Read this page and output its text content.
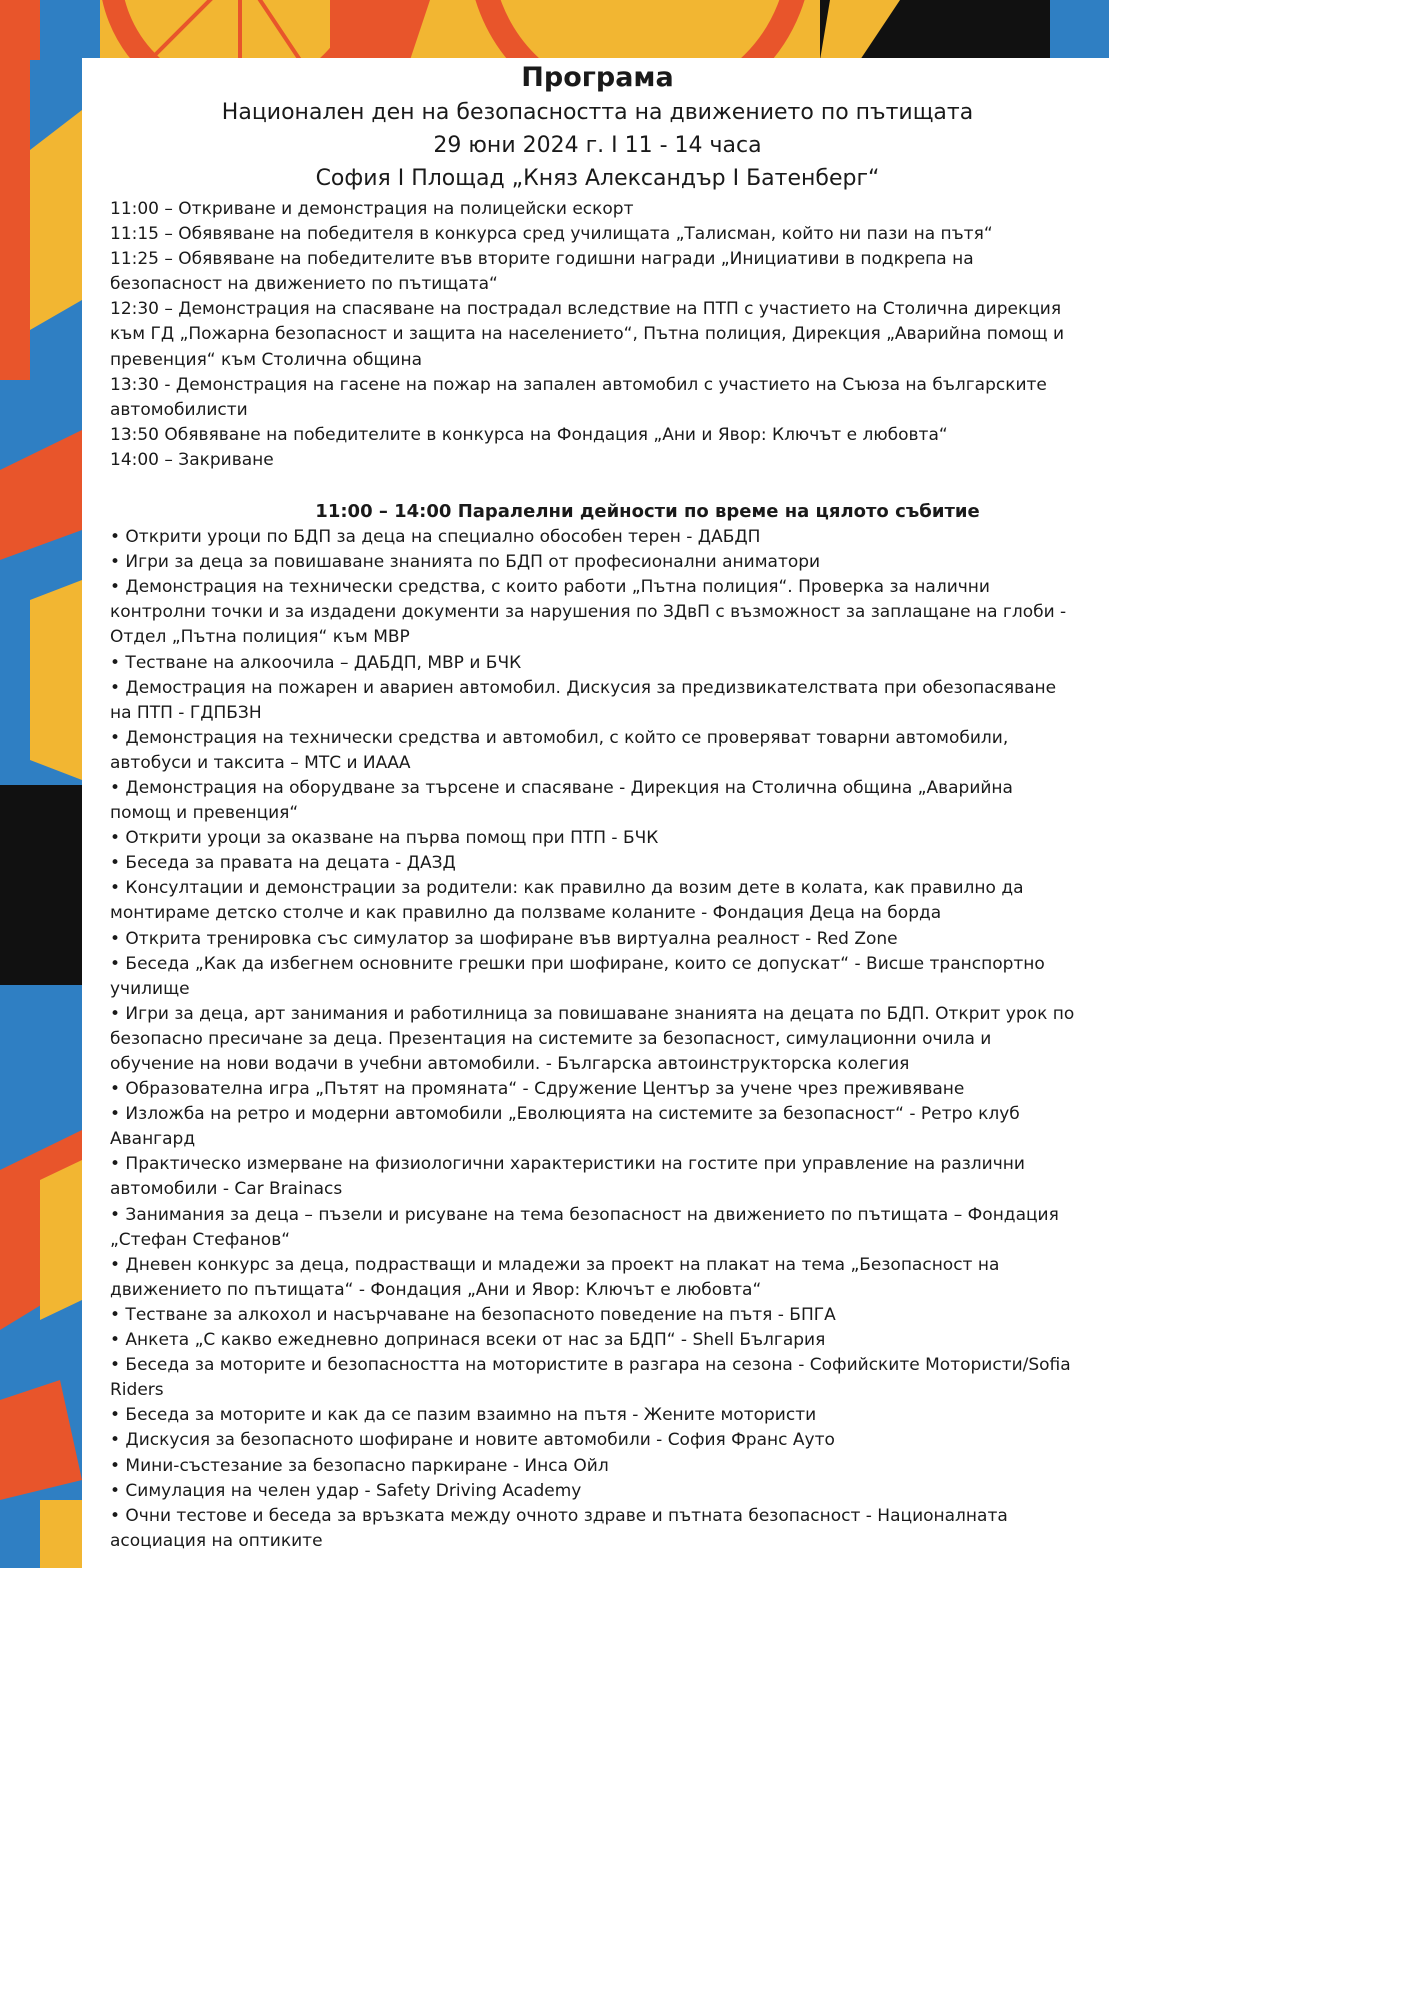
Програма
Национален ден на безопасността на движението по пътищата
29 юни 2024 г. I 11 - 14 часа
София I Площад „Княз Александър I Батенберг“
11:00 – Откриване и демонстрация на полицейски ескорт
11:15 – Обявяване на победителя в конкурса сред училищата „Талисман, който ни пази на пътя“
11:25 – Обявяване на победителите във вторите годишни награди „Инициативи в подкрепа на
безопасност на движението по пътищата“
12:30 – Демонстрация на спасяване на пострадал вследствие на ПТП с участието на Столична дирекция
към ГД „Пожарна безопасност и защита на населението“, Пътна полиция, Дирекция „Аварийна помощ и
превенция“ към Столична община
13:30 - Демонстрация на гасене на пожар на запален автомобил с участието на Съюза на българските
автомобилисти
13:50 Обявяване на победителите в конкурса на Фондация „Ани и Явор: Ключът е любовта“
14:00 – Закриване
11:00 – 14:00 Паралелни дейности по време на цялото събитие
• Открити уроци по БДП за деца на специално обособен терен - ДАБДП
• Игри за деца за повишаване знанията по БДП от професионални аниматори
• Демонстрация на технически средства, с които работи „Пътна полиция“. Проверка за налични
контролни точки и за издадени документи за нарушения по ЗДвП с възможност за заплащане на глоби -
Отдел „Пътна полиция“ към МВР
• Тестване на алкоочила – ДАБДП, МВР и БЧК
• Демострация на пожарен и авариен автомобил. Дискусия за предизвикателствата при обезопасяване
на ПТП - ГДПБЗН
• Демонстрация на технически средства и автомобил, с който се проверяват товарни автомобили,
автобуси и таксита – МТС и ИААА
• Демонстрация на оборудване за търсене и спасяване - Дирекция на Столична община „Аварийна
помощ и превенция“
• Открити уроци за оказване на първа помощ при ПТП - БЧК
• Беседа за правата на децата - ДАЗД
• Консултации и демонстрации за родители: как правилно да возим дете в колата, как правилно да
монтираме детско столче и как правилно да ползваме коланите - Фондация Деца на борда
• Открита тренировка със симулатор за шофиране във виртуална реалност - Red Zone
• Беседа „Как да избегнем основните грешки при шофиране, които се допускат“ - Висше транспортно
училище
• Игри за деца, арт занимания и работилница за повишаване знанията на децата по БДП. Открит урок по
безопасно пресичане за деца. Презентация на системите за безопасност, симулационни очила и
обучение на нови водачи в учебни автомобили. - Българска автоинструкторска колегия
• Образователна игра „Пътят на промяната“ - Сдружение Център за учене чрез преживяване
• Изложба на ретро и модерни автомобили „Еволюцията на системите за безопасност“ - Ретро клуб
Авангард
• Практическо измерване на физиологични характеристики на гостите при управление на различни
автомобили - Car Brainacs
• Занимания за деца – пъзели и рисуване на тема безопасност на движението по пътищата – Фондация
„Стефан Стефанов“
• Дневен конкурс за деца, подрастващи и младежи за проект на плакат на тема „Безопасност на
движението по пътищата“ - Фондация „Ани и Явор: Ключът е любовта“
• Тестване за алкохол и насърчаване на безопасното поведение на пътя - БПГА
• Анкета „С какво ежедневно допринася всеки от нас за БДП“ - Shell България
• Беседа за моторите и безопасността на мотористите в разгара на сезона - Софийските Мотористи/Sofia
Riders
• Беседа за моторите и как да се пазим взаимно на пътя - Жените мотористи
• Дискусия за безопасното шофиране и новите автомобили - София Франс Ауто
• Мини-състезание за безопасно паркиране - Инса Ойл
• Симулация на челен удар - Safety Driving Academy
• Очни тестове и беседа за връзката между очното здраве и пътната безопасност - Националната
асоциация на оптиките
